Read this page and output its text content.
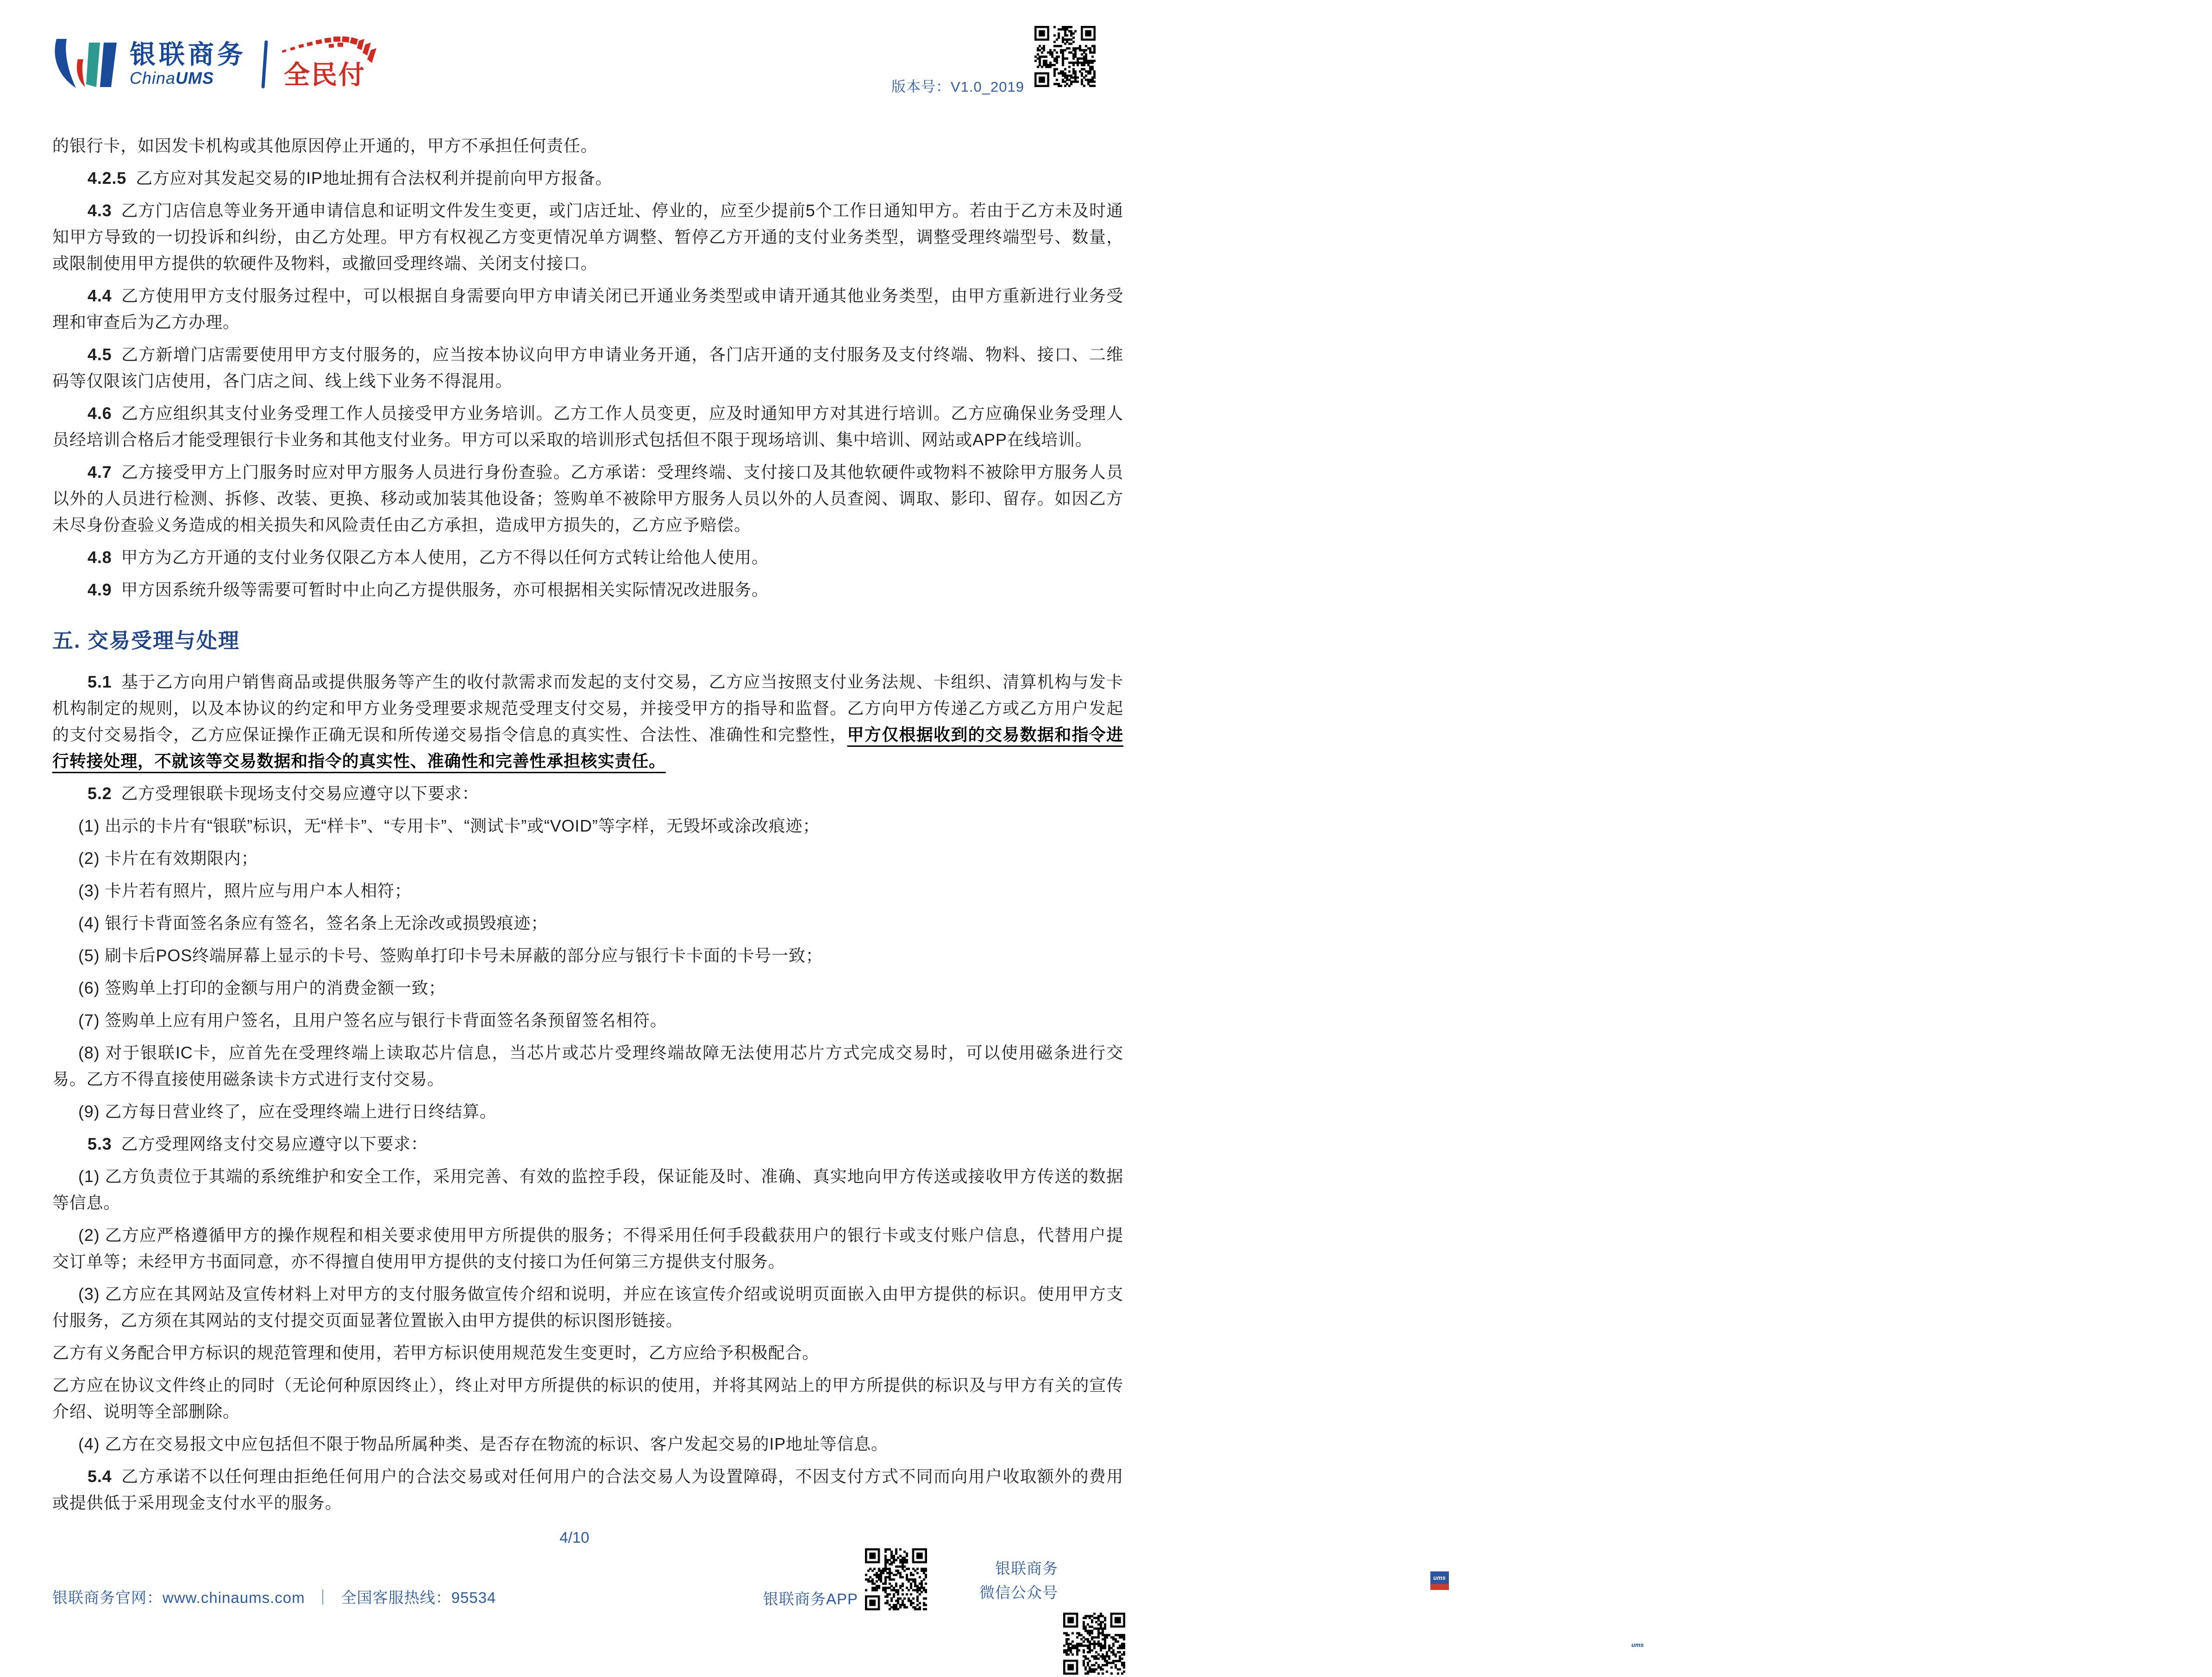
银联商务
ChinaUMS	全民付	版本号：V1.0_2019

的银行卡，如因发卡机构或其他原因停止开通的，甲方不承担任何责任。

4.2.5 乙方应对其发起交易的IP地址拥有合法权利并提前向甲方报备。

4.3 乙方门店信息等业务开通申请信息和证明文件发生变更，或门店迁址、停业的，应至少提前5个工作日通知甲方。若由于乙方未及时通知甲方导致的一切投诉和纠纷，由乙方处理。甲方有权视乙方变更情况单方调整、暂停乙方开通的支付业务类型，调整受理终端型号、数量，或限制使用甲方提供的软硬件及物料，或撤回受理终端、关闭支付接口。

4.4 乙方使用甲方支付服务过程中，可以根据自身需要向甲方申请关闭已开通业务类型或申请开通其他业务类型，由甲方重新进行业务受理和审查后为乙方办理。

4.5 乙方新增门店需要使用甲方支付服务的，应当按本协议向甲方申请业务开通，各门店开通的支付服务及支付终端、物料、接口、二维码等仅限该门店使用，各门店之间、线上线下业务不得混用。

4.6 乙方应组织其支付业务受理工作人员接受甲方业务培训。乙方工作人员变更，应及时通知甲方对其进行培训。乙方应确保业务受理人员经培训合格后才能受理银行卡业务和其他支付业务。甲方可以采取的培训形式包括但不限于现场培训、集中培训、网站或APP在线培训。

4.7 乙方接受甲方上门服务时应对甲方服务人员进行身份查验。乙方承诺：受理终端、支付接口及其他软硬件或物料不被除甲方服务人员以外的人员进行检测、拆修、改装、更换、移动或加装其他设备；签购单不被除甲方服务人员以外的人员查阅、调取、影印、留存。如因乙方未尽身份查验义务造成的相关损失和风险责任由乙方承担，造成甲方损失的，乙方应予赔偿。

4.8 甲方为乙方开通的支付业务仅限乙方本人使用，乙方不得以任何方式转让给他人使用。

4.9 甲方因系统升级等需要可暂时中止向乙方提供服务，亦可根据相关实际情况改进服务。

五. 交易受理与处理

5.1 基于乙方向用户销售商品或提供服务等产生的收付款需求而发起的支付交易，乙方应当按照支付业务法规、卡组织、清算机构与发卡机构制定的规则，以及本协议的约定和甲方业务受理要求规范受理支付交易，并接受甲方的指导和监督。乙方向甲方传递乙方或乙方用户发起的支付交易指令，乙方应保证操作正确无误和所传递交易指令信息的真实性、合法性、准确性和完整性，甲方仅根据收到的交易数据和指令进行转接处理，不就该等交易数据和指令的真实性、准确性和完善性承担核实责任。

5.2 乙方受理银联卡现场支付交易应遵守以下要求：

(1) 出示的卡片有“银联”标识，无“样卡”、“专用卡”、“测试卡”或“VOID”等字样，无毁坏或涂改痕迹；

(2) 卡片在有效期限内；

(3) 卡片若有照片，照片应与用户本人相符；

(4) 银行卡背面签名条应有签名，签名条上无涂改或损毁痕迹；

(5) 刷卡后POS终端屏幕上显示的卡号、签购单打印卡号未屏蔽的部分应与银行卡卡面的卡号一致；

(6) 签购单上打印的金额与用户的消费金额一致；

(7) 签购单上应有用户签名，且用户签名应与银行卡背面签名条预留签名相符。

(8) 对于银联IC卡，应首先在受理终端上读取芯片信息，当芯片或芯片受理终端故障无法使用芯片方式完成交易时，可以使用磁条进行交易。乙方不得直接使用磁条读卡方式进行支付交易。

(9) 乙方每日营业终了，应在受理终端上进行日终结算。

5.3 乙方受理网络支付交易应遵守以下要求：

(1) 乙方负责位于其端的系统维护和安全工作，采用完善、有效的监控手段，保证能及时、准确、真实地向甲方传送或接收甲方传送的数据等信息。

(2) 乙方应严格遵循甲方的操作规程和相关要求使用甲方所提供的服务；不得采用任何手段截获用户的银行卡或支付账户信息，代替用户提交订单等；未经甲方书面同意，亦不得擅自使用甲方提供的支付接口为任何第三方提供支付服务。

(3) 乙方应在其网站及宣传材料上对甲方的支付服务做宣传介绍和说明，并应在该宣传介绍或说明页面嵌入由甲方提供的标识。使用甲方支付服务，乙方须在其网站的支付提交页面显著位置嵌入由甲方提供的标识图形链接。

乙方有义务配合甲方标识的规范管理和使用，若甲方标识使用规范发生变更时，乙方应给予积极配合。

乙方应在协议文件终止的同时（无论何种原因终止），终止对甲方所提供的标识的使用，并将其网站上的甲方所提供的标识及与甲方有关的宣传介绍、说明等全部删除。

(4) 乙方在交易报文中应包括但不限于物品所属种类、是否存在物流的标识、客户发起交易的IP地址等信息。

5.4 乙方承诺不以任何理由拒绝任何用户的合法交易或对任何用户的合法交易人为设置障碍，不因支付方式不同而向用户收取额外的费用或提供低于采用现金支付水平的服务。

4/10
银联商务官网：www.chinaums.com ｜ 全国客服热线：95534	银联商务APP
ums
银联商务
微信公众号
ums
